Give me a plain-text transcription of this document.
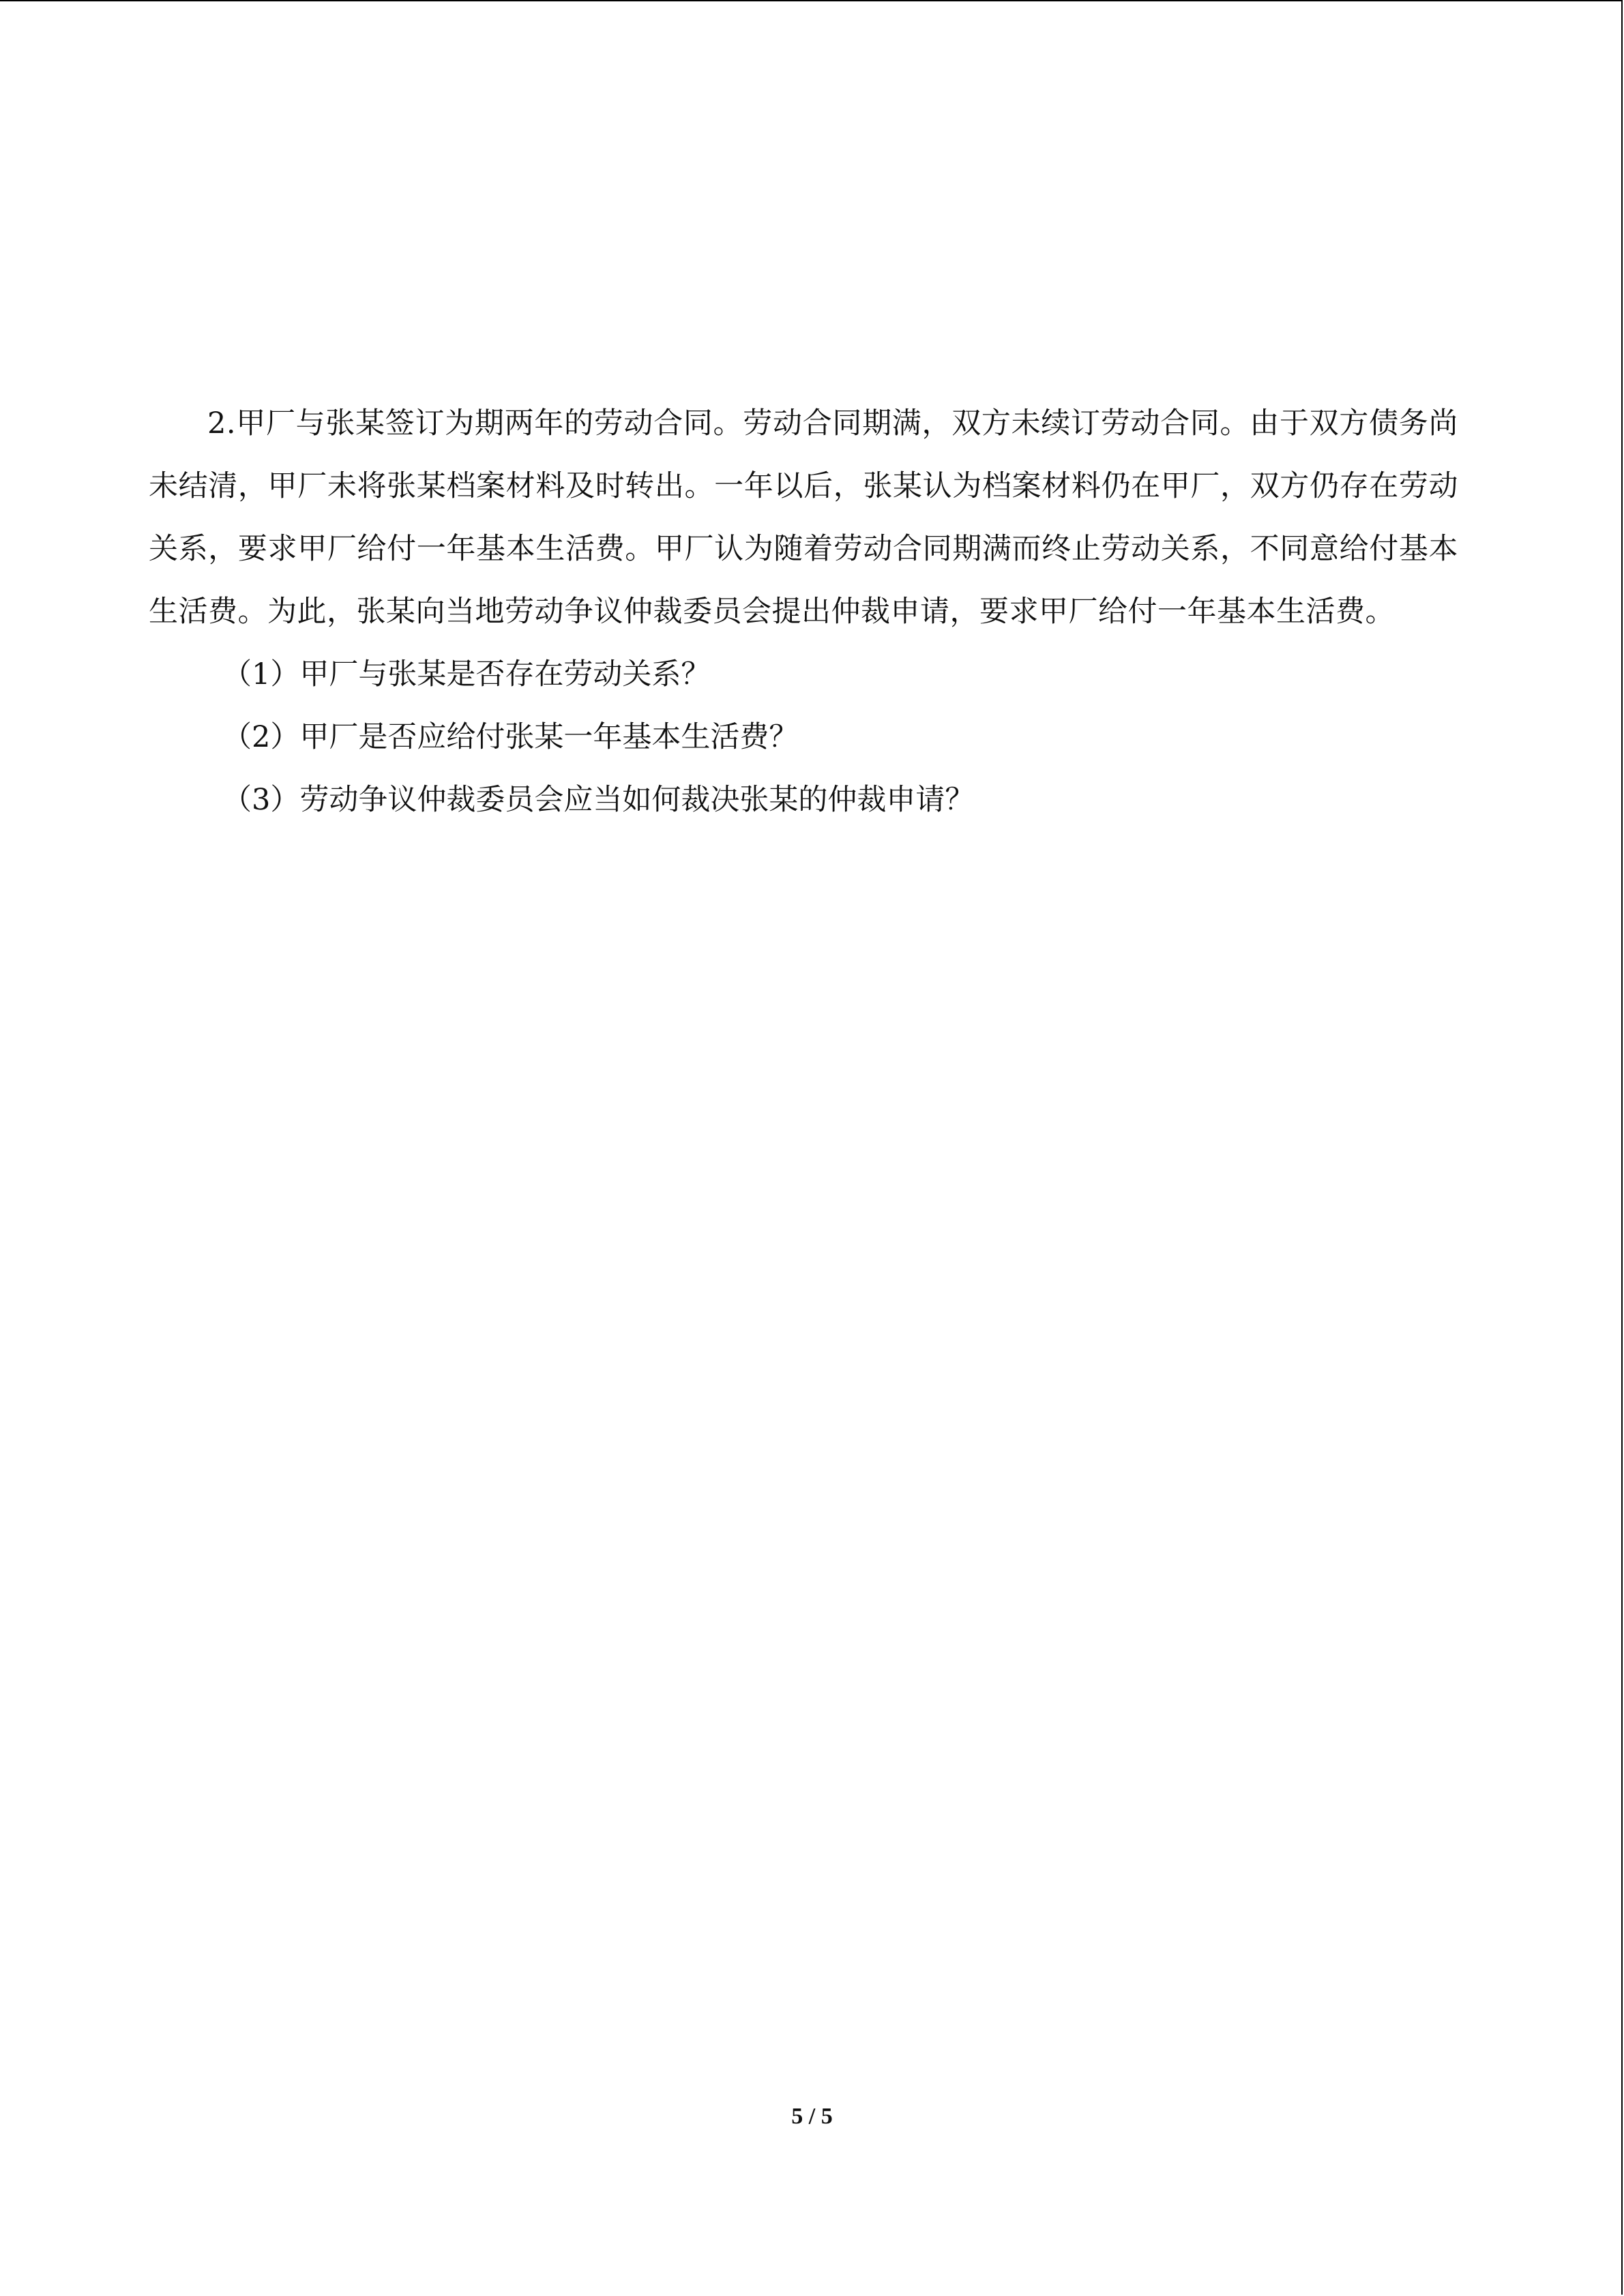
2.甲厂与张某签订为期两年的劳动合同。劳动合同期满，双方未续订劳动合同。由于双方债务尚未结清，甲厂未将张某档案材料及时转出。一年以后，张某认为档案材料仍在甲厂，双方仍存在劳动关系，要求甲厂给付一年基本生活费。甲厂认为随着劳动合同期满而终止劳动关系，不同意给付基本生活费。为此，张某向当地劳动争议仲裁委员会提出仲裁申请，要求甲厂给付一年基本生活费。

（1）甲厂与张某是否存在劳动关系？

（2）甲厂是否应给付张某一年基本生活费？

（3）劳动争议仲裁委员会应当如何裁决张某的仲裁申请？

5 / 5
